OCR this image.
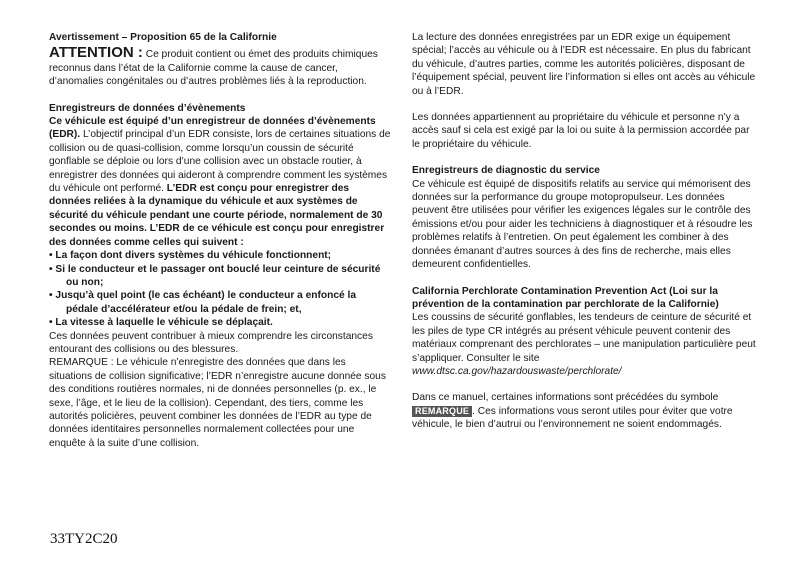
Avertissement – Proposition 65 de la Californie

ATTENTION : Ce produit contient ou émet des produits chimiques reconnus dans l’état de la Californie comme la cause de cancer, d’anomalies congénitales ou d’autres problèmes liés à la reproduction.

Enregistreurs de données d’évènements

Ce véhicule est équipé d’un enregistreur de données d’évènements (EDR). L’objectif principal d’un EDR consiste, lors de certaines situations de collision ou de quasi-collision, comme lorsqu’un coussin de sécurité gonflable se déploie ou lors d’une collision avec un obstacle routier, à enregistrer des données qui aideront à comprendre comment les systèmes du véhicule ont performé. L’EDR est conçu pour enregistrer des données reliées à la dynamique du véhicule et aux systèmes de sécurité du véhicule pendant une courte période, normalement de 30 secondes ou moins. L’EDR de ce véhicule est conçu pour enregistrer des données comme celles qui suivent :

• La façon dont divers systèmes du véhicule fonctionnent;
• Si le conducteur et le passager ont bouclé leur ceinture de sécurité ou non;
• Jusqu’à quel point (le cas échéant) le conducteur a enfoncé la pédale d’accélérateur et/ou la pédale de frein; et,
• La vitesse à laquelle le véhicule se déplaçait.

Ces données peuvent contribuer à mieux comprendre les circonstances entourant des collisions ou des blessures.

REMARQUE : Le véhicule n’enregistre des données que dans les situations de collision significative; l’EDR n’enregistre aucune donnée sous des conditions routières normales, ni de données personnelles (p. ex., le sexe, l’âge, et le lieu de la collision). Cependant, des tiers, comme les autorités policières, peuvent combiner les données de l’EDR au type de données identitaires personnelles normalement collectées pour une enquête à la suite d’une collision.

La lecture des données enregistrées par un EDR exige un équipement spécial; l’accès au véhicule ou à l’EDR est nécessaire. En plus du fabricant du véhicule, d’autres parties, comme les autorités policières, disposant de l’équipement spécial, peuvent lire l’information si elles ont accès au véhicule ou à l’EDR.

Les données appartiennent au propriétaire du véhicule et personne n’y a accès sauf si cela est exigé par la loi ou suite à la permission accordée par le propriétaire du véhicule.

Enregistreurs de diagnostic du service

Ce véhicule est équipé de dispositifs relatifs au service qui mémorisent des données sur la performance du groupe motopropulseur. Les données peuvent être utilisées pour vérifier les exigences légales sur le contrôle des émissions et/ou pour aider les techniciens à diagnostiquer et à résoudre les problèmes relatifs à l’entretien. On peut également les combiner à des données émanant d’autres sources à des fins de recherche, mais elles demeurent confidentielles.

California Perchlorate Contamination Prevention Act (Loi sur la prévention de la contamination par perchlorate de la Californie)

Les coussins de sécurité gonflables, les tendeurs de ceinture de sécurité et les piles de type CR intégrés au présent véhicule peuvent contenir des matériaux comprenant des perchlorates – une manipulation particulière peut s’appliquer. Consulter le site

www.dtsc.ca.gov/hazardouswaste/perchlorate/

Dans ce manuel, certaines informations sont précédées du symbole REMARQUE . Ces informations vous seront utiles pour éviter que votre véhicule, le bien d’autrui ou l’environnement ne soient endommagés.

33TY2C20
